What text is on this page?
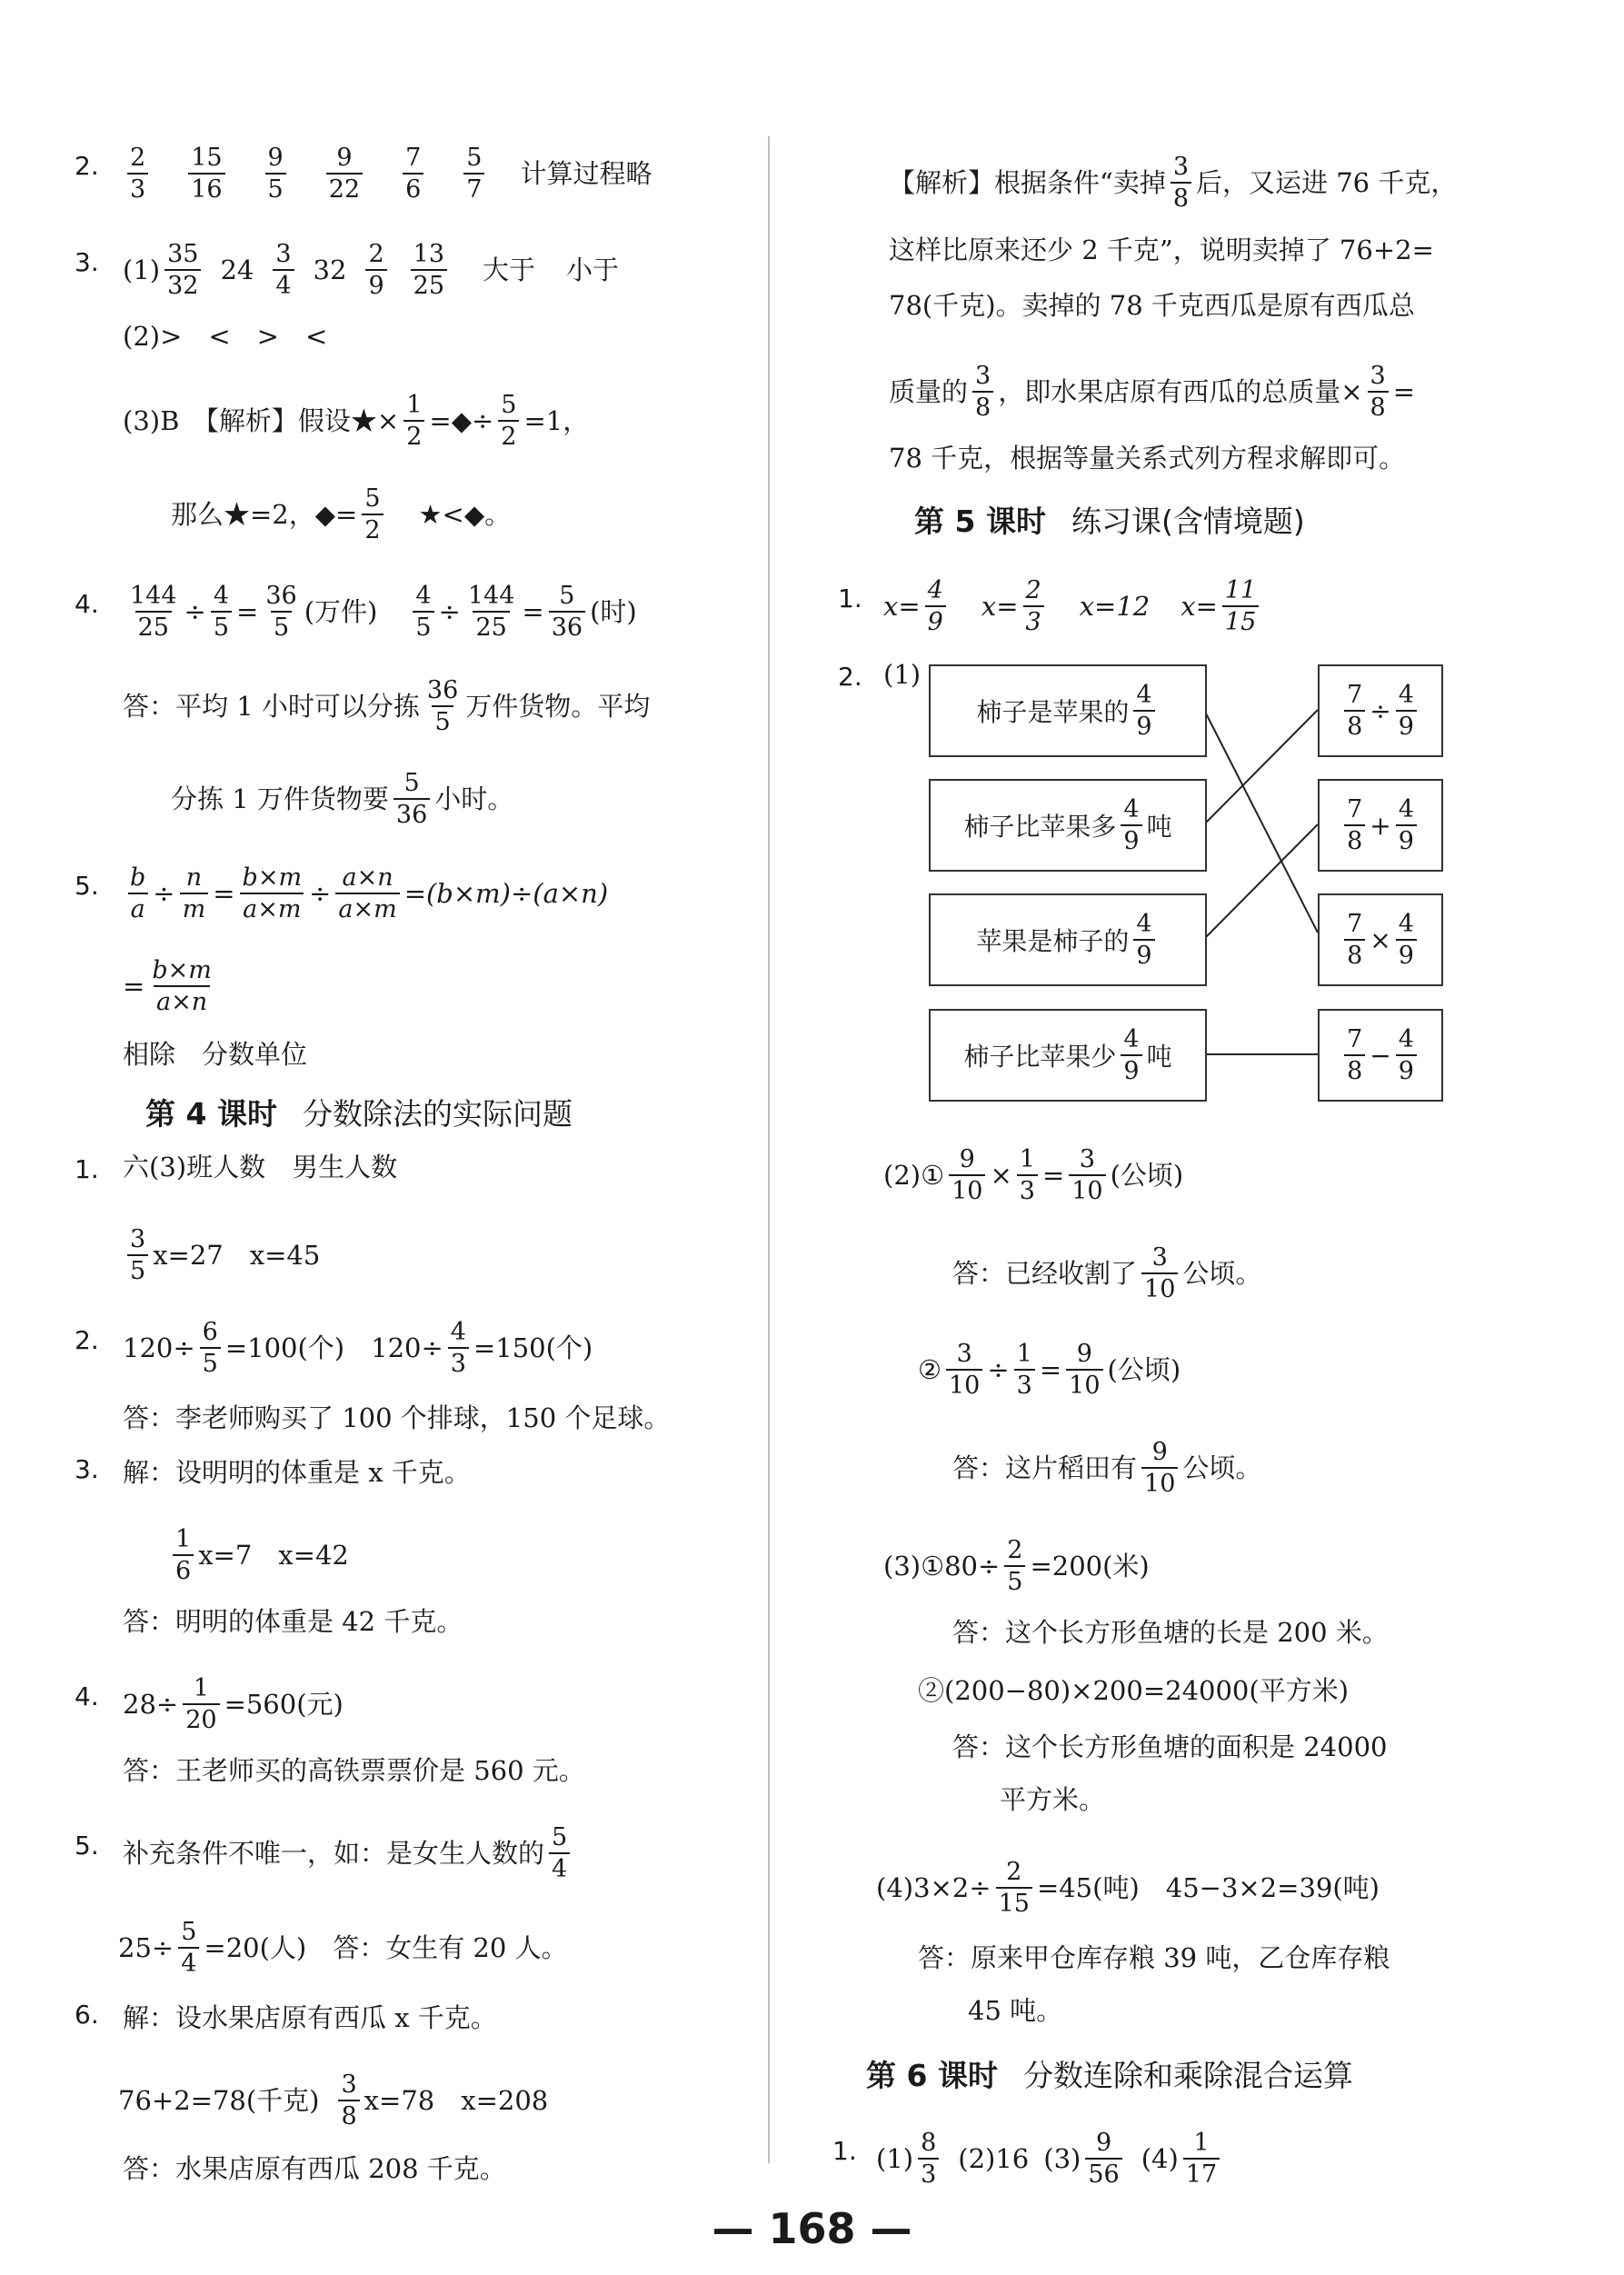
2. $\frac{2}{3} \frac{15}{16} \frac{9}{5} \frac{9}{22} \frac{7}{6} \frac{5}{7}$ 计算过程略
3. $(1) \frac{35}{32} 24 \frac{3}{4} 32 \frac{2}{9} \frac{13}{25}$ 大于 小于
(2)>　<　>　<
(3)B　【解析】假设★× $\frac{1}{2}$ =◆÷ $\frac{5}{2} =1$，
那么★=2，◆= $\frac{5}{2}$ ★<◆。
4. $\frac{144}{25} \div \frac{4}{5} = \frac{36}{5}$ (万件) $\frac{4}{5} \div \frac{144}{25} = \frac{5}{36}$ (时)
答：平均 1 小时可以分拣 $\frac{36}{5}$ 万件货物。平均
分拣 1 万件货物要 $\frac{5}{36}$ 小时。
5. $\frac{b}{a} \div \frac{n}{m} = \frac{b\times m}{a\times m} \div \frac{a\times n}{a\times m} =(b\times m)\div(a\times n)$
= $\frac{b\times m}{a\times n}$
相除　分数单位
第 4 课时 分数除法的实际问题
1. 六(3)班人数　男生人数
$\frac{3}{5} x=27$　x=45
2. $120\div \frac{6}{5} =100$(个)　$120\div \frac{4}{3} =150$(个)
答：李老师购买了 100 个排球，150 个足球。
3. 解：设明明的体重是 x 千克。
$\frac{1}{6} x=7$　x=42
答：明明的体重是 42 千克。
4. $28\div \frac{1}{20} =560$(元)
答：王老师买的高铁票票价是 560 元。
5. 补充条件不唯一，如：是女生人数的 $\frac{5}{4}$
$25\div \frac{5}{4} =20$(人)　答：女生有 20 人。
6. 解：设水果店原有西瓜 x 千克。
76+2=78(千克) $\frac{3}{8} x=78$　x=208
答：水果店原有西瓜 208 千克。
【解析】根据条件“卖掉 $\frac{3}{8}$ 后，又运进 76 千克，
这样比原来还少 2 千克”，说明卖掉了 76+2=
78(千克)。卖掉的 78 千克西瓜是原有西瓜总
质量的 $\frac{3}{8}$ ，即水果店原有西瓜的总质量× $\frac{3}{8}$ =
78 千克，根据等量关系式列方程求解即可。
第 5 课时 练习课(含情境题)
1. $x= \frac{4}{9} x= \frac{2}{3} x=12$ $x= \frac{11}{15}$
2. (1)
柿子是苹果的 $\frac{4}{9}$
柿子比苹果多 $\frac{4}{9}$ 吨
苹果是柿子的 $\frac{4}{9}$
柿子比苹果少 $\frac{4}{9}$ 吨
$\frac{7}{8} \div \frac{4}{9}$
$\frac{7}{8} + \frac{4}{9}$
$\frac{7}{8} \times \frac{4}{9}$
$\frac{7}{8} - \frac{4}{9}$
(2)① $\frac{9}{10} \times \frac{1}{3} = \frac{3}{10}$ (公顷)
答：已经收割了 $\frac{3}{10}$ 公顷。
② $\frac{3}{10} \div \frac{1}{3} = \frac{9}{10}$ (公顷)
答：这片稻田有 $\frac{9}{10}$ 公顷。
(3)①80÷ $\frac{2}{5} =200$(米)
答：这个长方形鱼塘的长是 200 米。
②(200−80)×200=24000(平方米)
答：这个长方形鱼塘的面积是 24000
平方米。
$(4)3\times 2\div \frac{2}{15} =45$(吨)　45−3×2=39(吨)
答：原来甲仓库存粮 39 吨，乙仓库存粮
45 吨。
第 6 课时 分数连除和乘除混合运算
1. $(1) \frac{8}{3} (2)16$ $(3) \frac{9}{56} (4) \frac{1}{17}$
— 168 —
